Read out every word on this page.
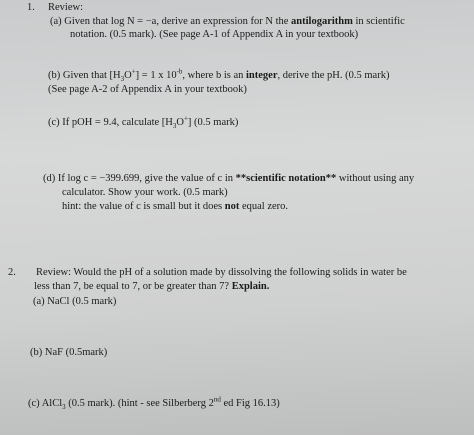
1. Review:
(a) Given that log N = −a, derive an expression for N the antilogarithm in scientific
notation. (0.5 mark). (See page A-1 of Appendix A in your textbook)
(b) Given that $[H_3O^+] = 1$ x $10^{-b}$, where b is an integer, derive the pH. (0.5 mark)
(See page A-2 of Appendix A in your textbook)
(c) If pOH = 9.4, calculate $[H_3O^+]$ (0.5 mark)
(d) If log c = −399.699, give the value of c in **scientific notation** without using any
calculator. Show your work. (0.5 mark)
hint: the value of c is small but it does not equal zero.
2. Review: Would the pH of a solution made by dissolving the following solids in water be
less than 7, be equal to 7, or be greater than 7? Explain.
(a) NaCl (0.5 mark)
(b) NaF (0.5mark)
(c) AlCl$_3$ (0.5 mark). (hint - see Silberberg 2nd ed Fig 16.13)
